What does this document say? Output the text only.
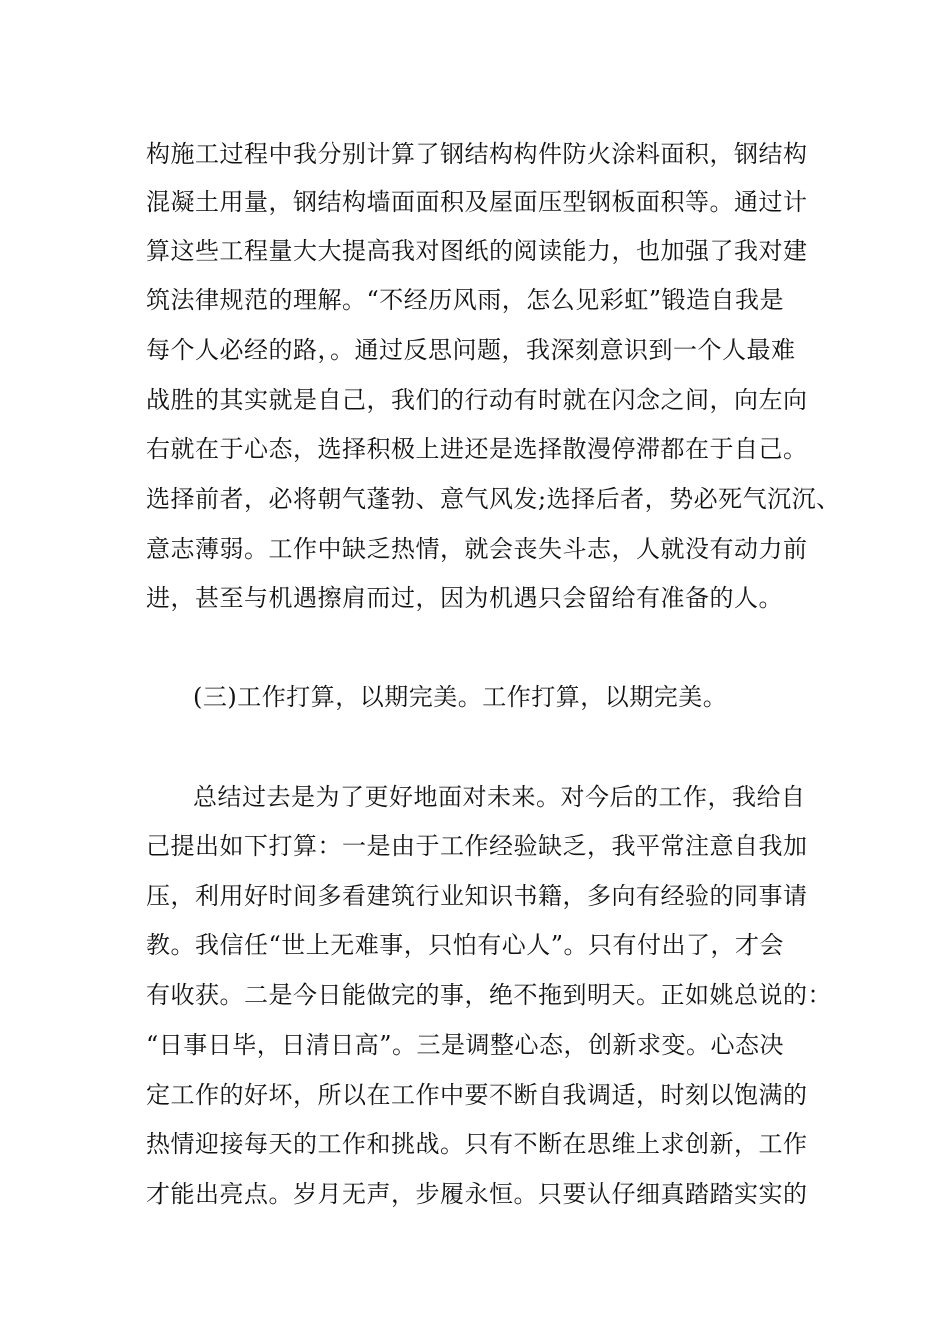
构施工过程中我分别计算了钢结构构件防火涂料面积，钢结构
混凝土用量，钢结构墙面面积及屋面压型钢板面积等。通过计
算这些工程量大大提高我对图纸的阅读能力，也加强了我对建
筑法律规范的理解。“不经历风雨，怎么见彩虹”锻造自我是
每个人必经的路，。通过反思问题，我深刻意识到一个人最难
战胜的其实就是自己，我们的行动有时就在闪念之间，向左向
右就在于心态，选择积极上进还是选择散漫停滞都在于自己。
选择前者，必将朝气蓬勃、意气风发;选择后者，势必死气沉沉、
意志薄弱。工作中缺乏热情，就会丧失斗志，人就没有动力前
进，甚至与机遇擦肩而过，因为机遇只会留给有准备的人。
(三)工作打算，以期完美。工作打算，以期完美。
总结过去是为了更好地面对未来。对今后的工作，我给自
己提出如下打算：一是由于工作经验缺乏，我平常注意自我加
压，利用好时间多看建筑行业知识书籍，多向有经验的同事请
教。我信任“世上无难事，只怕有心人”。只有付出了，才会
有收获。二是今日能做完的事，绝不拖到明天。正如姚总说的：
“日事日毕，日清日高”。三是调整心态，创新求变。心态决
定工作的好坏，所以在工作中要不断自我调适，时刻以饱满的
热情迎接每天的工作和挑战。只有不断在思维上求创新，工作
才能出亮点。岁月无声，步履永恒。只要认仔细真踏踏实实的
